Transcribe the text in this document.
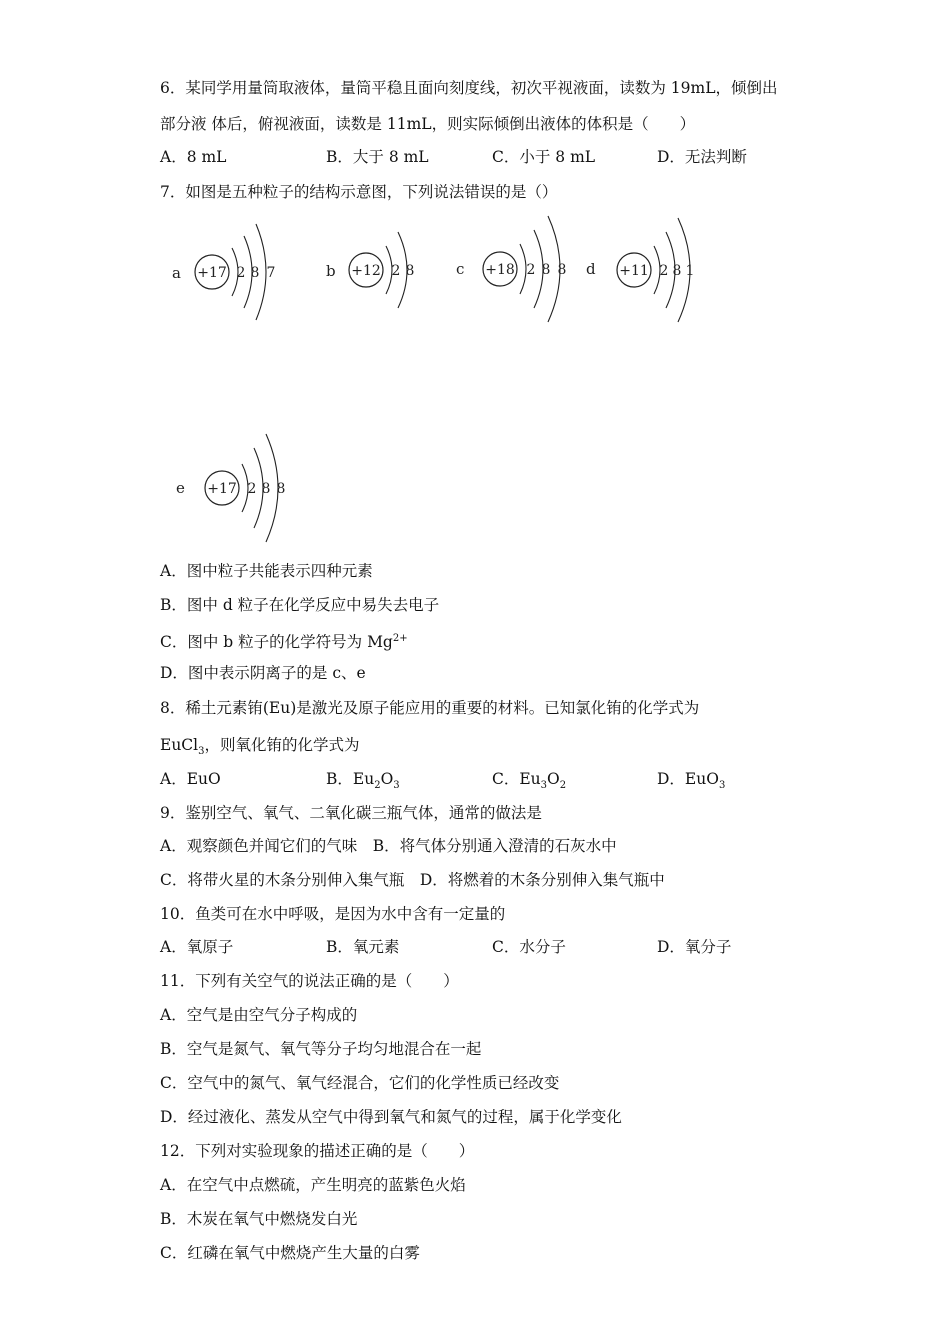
6．某同学用量筒取液体，量筒平稳且面向刻度线，初次平视液面，读数为 19mL，倾倒出
部分液 体后，俯视液面，读数是 11mL，则实际倾倒出液体的体积是（　　）
A．8 mL	B．大于 8 mL	C．小于 8 mL	D．无法判断
7．如图是五种粒子的结构示意图，下列说法错误的是（）
a +17 2 8 7	b +12 2 8	c +18 2 8 8 d +11 2 8 1
e +17 2 8 8
A．图中粒子共能表示四种元素
B．图中 d 粒子在化学反应中易失去电子
C．图中 b 粒子的化学符号为 $Mg^{2+}$
D．图中表示阴离子的是 c、e
8．稀土元素铕(Eu)是激光及原子能应用的重要的材料。已知氯化铕的化学式为
EuCl$_3$，则氧化铕的化学式为
A．EuO	B．$Eu_2O_3$	C．$Eu_3O_2$	D．EuO$_3$
9．鉴别空气、氧气、二氧化碳三瓶气体，通常的做法是
A．观察颜色并闻它们的气味　B．将气体分别通入澄清的石灰水中
C．将带火星的木条分别伸入集气瓶　D．将燃着的木条分别伸入集气瓶中
10．鱼类可在水中呼吸，是因为水中含有一定量的
A．氧原子	B．氧元素	C．水分子	D．氧分子
11．下列有关空气的说法正确的是（　　）
A．空气是由空气分子构成的
B．空气是氮气、氧气等分子均匀地混合在一起
C．空气中的氮气、氧气经混合，它们的化学性质已经改变
D．经过液化、蒸发从空气中得到氧气和氮气的过程，属于化学变化
12．下列对实验现象的描述正确的是（　　）
A．在空气中点燃硫，产生明亮的蓝紫色火焰
B．木炭在氧气中燃烧发白光
C．红磷在氧气中燃烧产生大量的白雾
